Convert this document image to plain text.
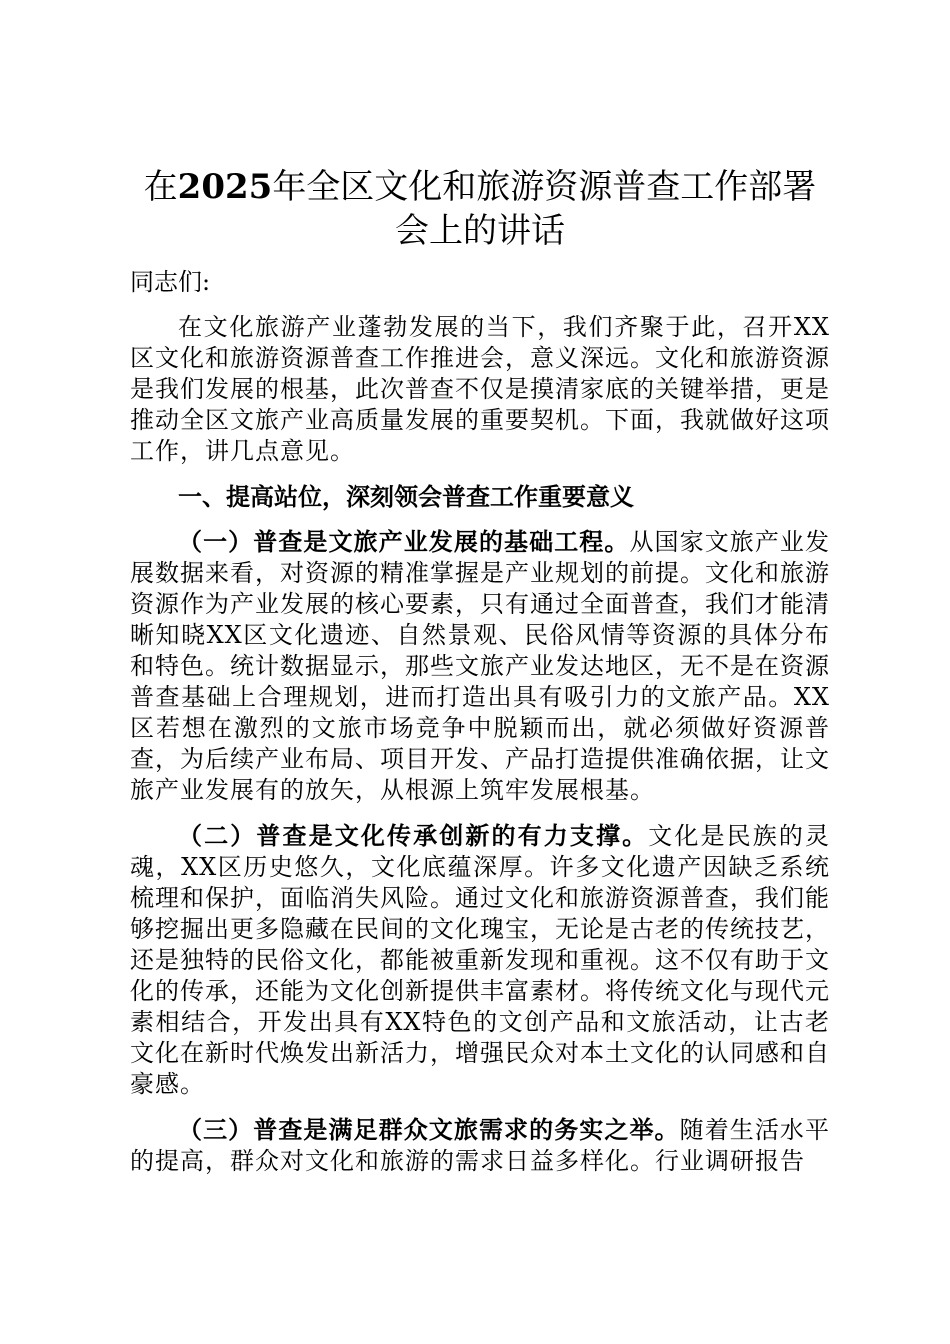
在2025年全区文化和旅游资源普查工作部署
会上的讲话

同志们:

在文化旅游产业蓬勃发展的当下，我们齐聚于此，召开XX区文化和旅游资源普查工作推进会，意义深远。文化和旅游资源是我们发展的根基，此次普查不仅是摸清家底的关键举措，更是推动全区文旅产业高质量发展的重要契机。下面，我就做好这项工作，讲几点意见。

一、提高站位，深刻领会普查工作重要意义

（一）普查是文旅产业发展的基础工程。从国家文旅产业发展数据来看，对资源的精准掌握是产业规划的前提。文化和旅游资源作为产业发展的核心要素，只有通过全面普查，我们才能清晰知晓XX区文化遗迹、自然景观、民俗风情等资源的具体分布和特色。统计数据显示，那些文旅产业发达地区，无不是在资源普查基础上合理规划，进而打造出具有吸引力的文旅产品。XX区若想在激烈的文旅市场竞争中脱颖而出，就必须做好资源普查，为后续产业布局、项目开发、产品打造提供准确依据，让文旅产业发展有的放矢，从根源上筑牢发展根基。

（二）普查是文化传承创新的有力支撑。文化是民族的灵魂，XX区历史悠久，文化底蕴深厚。许多文化遗产因缺乏系统梳理和保护，面临消失风险。通过文化和旅游资源普查，我们能够挖掘出更多隐藏在民间的文化瑰宝，无论是古老的传统技艺，还是独特的民俗文化，都能被重新发现和重视。这不仅有助于文化的传承，还能为文化创新提供丰富素材。将传统文化与现代元素相结合，开发出具有XX特色的文创产品和文旅活动，让古老文化在新时代焕发出新活力，增强民众对本土文化的认同感和自豪感。

（三）普查是满足群众文旅需求的务实之举。随着生活水平的提高，群众对文化和旅游的需求日益多样化。行业调研报告
